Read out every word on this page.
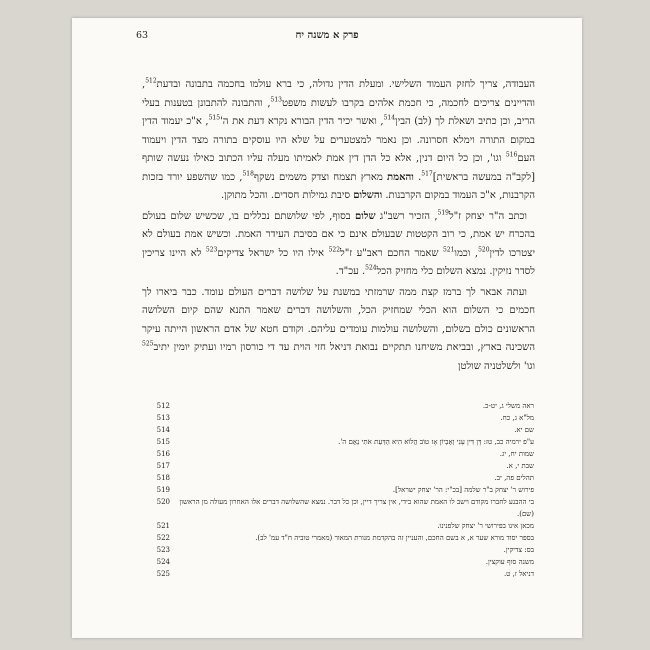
63	פרק א משנה יח

העבודה, צריך לחזק העמוד השלישי. ומעלת הדין גדולה, כי ברא עולמו בחכמה בתבונה ובדעת$^{512}$, והדיינים צריכים לחכמה, כי חכמת אלהים בקרבו לעשות משפט$^{513}$, והתבונה להתבונן בטענות בעלי הריב, וכן כתיב ושאלת לך (לב) הבין$^{514}$, ואשר יכיר הדין הבורא נקרא דעת את $ה'^{515}$, א"כ יעמוד הדין במקום התורה וימלא חסרונה. וכן נאמר למצטערים על שלא היו עוסקים בתורה מצד הדין ויעמוד העם$^{516}$ וגו', וכן כל היום דנין, אלא כל הדן דין אמת לאמיתו מעלה עליו הכתוב כאילו נעשה שותף [לקב"ה במעשה בראשית]$^{517}$. והאמת מארץ תצמח וצדק משמים נשקף$^{518}$, כמו שהשפע יורד בזכות הקרבנות, א"כ העמוד במקום הקרבנות. והשלום סיבת גמילות חסדים. והכל מתוקן.

וכתב ה"ר יצחק ז"ל$^{519}$, הזכיר רשב"ג שלום בסוף, לפי שלושתם נכללים בו, שכשיש שלום בעולם בהכרח יש אמת, כי רוב הקטטות שבעולם אינם כי אם בסיבת העידר האמת. וכשיש אמת בעולם לא יצטרכו לדין$^{520}$, וכמו$^{521}$ שאמר החכם ראב"ע ז"ל$^{522}$ אילו היו כל ישראל צדיקים$^{523}$ לא היינו צריכין לסדר נזיקין. נמצא השלום כלי מחזיק הכל$^{524}$. עכ"ד.

ועתה אבאר לך ברמז קצת ממה שרמזתי במשנת על שלושה דברים העולם עומד. כבר ביארו לך חכמים כי השלום הוא הכלי שמחזיק הכל, והשלושה דברים שאמר התנא שהם קיום השלושה הראשונים כולם בשלום, והשלושה עולמות עומדים עליהם. וקודם חטא של אדם הראשון הייתה עיקר השכינה בארץ, ובביאת משיחנו תתקיים נבואת דניאל חזי הוית עד די כורסון רמיו ועתיק יומין יתיב$^{525}$ וגו' ולשלטניה שולטן

512	ראה משלי ג, יט-כ.
513	מל"א ג, כח.
514	שם יא.
515	ע"פ ירמיה כב, טז: דָּן דִּין עָנִי וְאֶבְיוֹן אָז טוֹב הֲלוֹא הִיא הַדַּעַת אֹתִי נְאֻם ה'.
516	שמות יח, יג.
517	שבת י, א.
518	תהלים פה, יב.
519	פירוש ר' יצחק ב"ר שלמה [בכ"י: הר' יצחק ישראל].
520	בי ההבנע לחברו מקודם וישב לו האמת שהוא בידי, אין צריך דיין, וכן כל דבר. נמצא שהשלושה דברים אלו האחרון מעולה מן הראשון (שם).
521	מכאן אינו בפירושי ר' יצחק שלפנינו.
522	בספר יסוד מורא שער א, א בשם החכם, והעניין זה בהקדמת מנורת המאור (מאמרי טוביה ח"ד עמ' לב).
523	בס: צדיקין.
524	משנה סוף עוקצין.
525	דניאל ז, ט.
